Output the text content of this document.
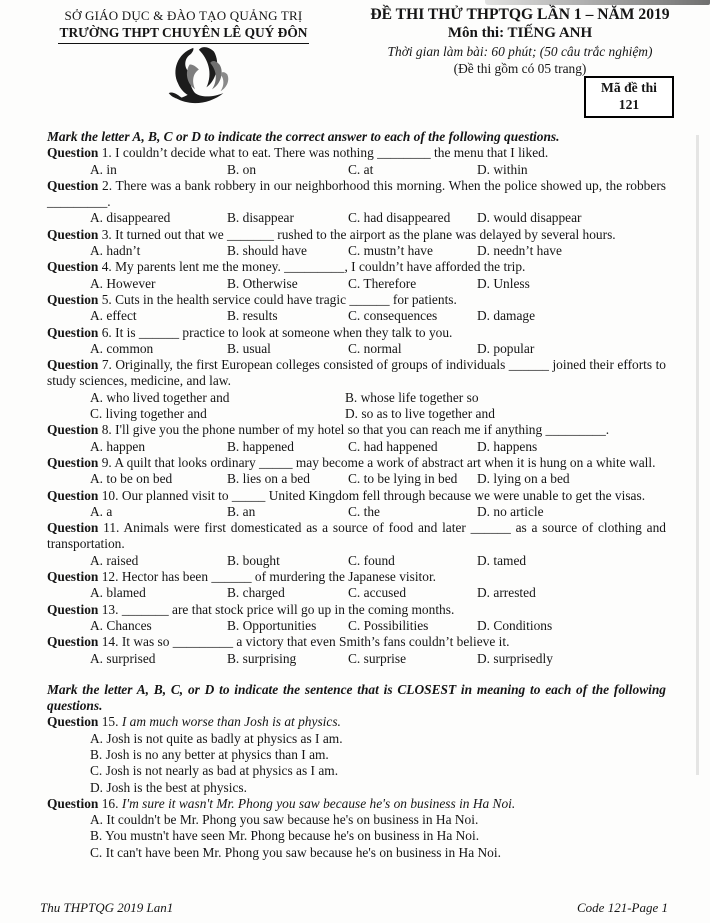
SỞ GIÁO DỤC & ĐÀO TẠO QUẢNG TRỊ
TRƯỜNG THPT CHUYÊN LÊ QUÝ ĐÔN
ĐỀ THI THỬ THPTQG LẦN 1 – NĂM 2019
Môn thi: TIẾNG ANH
Thời gian làm bài: 60 phút; (50 câu trắc nghiệm)
(Đề thi gồm có 05 trang)
Mã đề thi
121

Mark the letter A, B, C or D to indicate the correct answer to each of the following questions.

Question 1. I couldn’t decide what to eat. There was nothing ________ the menu that I liked.

A. in	B. on	C. at	D. within

Question 2. There was a bank robbery in our neighborhood this morning. When the police showed up, the robbers _________.

A. disappeared	B. disappear	C. had disappeared	D. would disappear

Question 3. It turned out that we _______ rushed to the airport as the plane was delayed by several hours.

A. hadn’t	B. should have	C. mustn’t have	D. needn’t have

Question 4. My parents lent me the money. _________, I couldn’t have afforded the trip.

A. However	B. Otherwise	C. Therefore	D. Unless

Question 5. Cuts in the health service could have tragic ______ for patients.

A. effect	B. results	C. consequences	D. damage

Question 6. It is ______ practice to look at someone when they talk to you.

A. common	B. usual	C. normal	D. popular

Question 7. Originally, the first European colleges consisted of groups of individuals ______ joined their efforts to study sciences, medicine, and law.

A. who lived together and	B. whose life together so
C. living together and	D. so as to live together and

Question 8. I'll give you the phone number of my hotel so that you can reach me if anything _________.

A. happen	B. happened	C. had happened	D. happens

Question 9. A quilt that looks ordinary _____ may become a work of abstract art when it is hung on a white wall.

A. to be on bed	B. lies on a bed	C. to be lying in bed	D. lying on a bed

Question 10. Our planned visit to _____ United Kingdom fell through because we were unable to get the visas.

A. a	B. an	C. the	D. no article

Question 11. Animals were first domesticated as a source of food and later ______ as a source of clothing and transportation.

A. raised	B. bought	C. found	D. tamed

Question 12. Hector has been ______ of murdering the Japanese visitor.

A. blamed	B. charged	C. accused	D. arrested

Question 13. _______ are that stock price will go up in the coming months.

A. Chances	B. Opportunities	C. Possibilities	D. Conditions

Question 14. It was so _________ a victory that even Smith’s fans couldn’t believe it.

A. surprised	B. surprising	C. surprise	D. surprisedly

Mark the letter A, B, C, or D to indicate the sentence that is CLOSEST in meaning to each of the following questions.

Question 15. I am much worse than Josh is at physics.

A. Josh is not quite as badly at physics as I am.
B. Josh is no any better at physics than I am.
C. Josh is not nearly as bad at physics as I am.
D. Josh is the best at physics.

Question 16. I'm sure it wasn't Mr. Phong you saw because he's on business in Ha Noi.

A. It couldn't be Mr. Phong you saw because he's on business in Ha Noi.
B. You mustn't have seen Mr. Phong because he's on business in Ha Noi.
C. It can't have been Mr. Phong you saw because he's on business in Ha Noi.
Thu THPTQG 2019 Lan1	Code 121-Page 1
